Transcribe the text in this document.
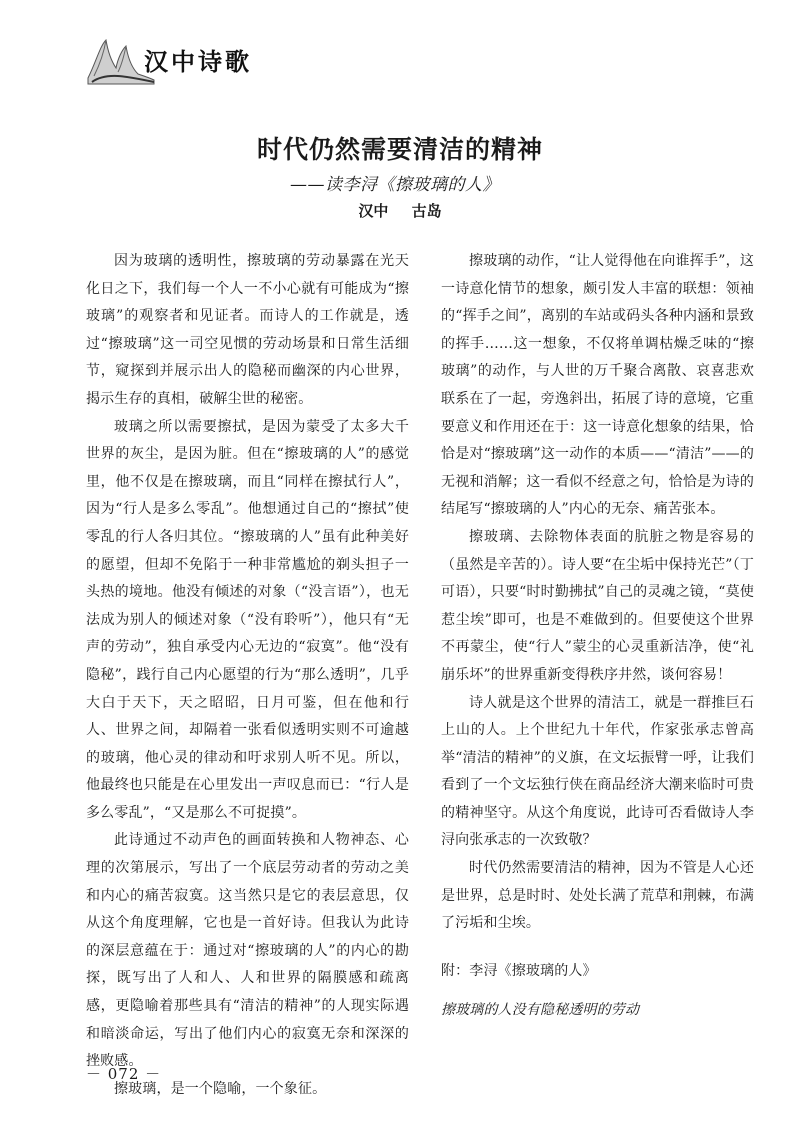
汉中诗歌
时代仍然需要清洁的精神
——读李浔《擦玻璃的人》
汉中 古岛

因为玻璃的透明性，擦玻璃的劳动暴露在光天化日之下，我们每一个人一不小心就有可能成为“擦玻璃”的观察者和见证者。而诗人的工作就是，透过“擦玻璃”这一司空见惯的劳动场景和日常生活细节，窥探到并展示出人的隐秘而幽深的内心世界，揭示生存的真相，破解尘世的秘密。

玻璃之所以需要擦拭，是因为蒙受了太多大千世界的灰尘，是因为脏。但在“擦玻璃的人”的感觉里，他不仅是在擦玻璃，而且“同样在擦拭行人”，因为“行人是多么零乱”。他想通过自己的“擦拭”使零乱的行人各归其位。“擦玻璃的人”虽有此种美好的愿望，但却不免陷于一种非常尴尬的剃头担子一头热的境地。他没有倾述的对象（“没言语”），也无法成为别人的倾述对象（“没有聆听”），他只有“无声的劳动”，独自承受内心无边的“寂寞”。他“没有隐秘”，践行自己内心愿望的行为“那么透明”，几乎大白于天下，天之昭昭，日月可鉴，但在他和行人、世界之间，却隔着一张看似透明实则不可逾越的玻璃，他心灵的律动和吁求别人听不见。所以，他最终也只能是在心里发出一声叹息而已：“行人是多么零乱”，“又是那么不可捉摸”。

此诗通过不动声色的画面转换和人物神态、心理的次第展示，写出了一个底层劳动者的劳动之美和内心的痛苦寂寞。这当然只是它的表层意思，仅从这个角度理解，它也是一首好诗。但我认为此诗的深层意蕴在于：通过对“擦玻璃的人”的内心的勘探，既写出了人和人、人和世界的隔膜感和疏离感，更隐喻着那些具有“清洁的精神”的人现实际遇和暗淡命运，写出了他们内心的寂寞无奈和深深的挫败感。

擦玻璃，是一个隐喻，一个象征。

擦玻璃的动作，“让人觉得他在向谁挥手”，这一诗意化情节的想象，颇引发人丰富的联想：领袖的“挥手之间”，离别的车站或码头各种内涵和景致的挥手……这一想象，不仅将单调枯燥乏味的“擦玻璃”的动作，与人世的万千聚合离散、哀喜悲欢联系在了一起，旁逸斜出，拓展了诗的意境，它重要意义和作用还在于：这一诗意化想象的结果，恰恰是对“擦玻璃”这一动作的本质——“清洁”——的无视和消解；这一看似不经意之句，恰恰是为诗的结尾写“擦玻璃的人”内心的无奈、痛苦张本。

擦玻璃、去除物体表面的肮脏之物是容易的（虽然是辛苦的）。诗人要“在尘垢中保持光芒”（丁可语），只要“时时勤拂拭”自己的灵魂之镜，“莫使惹尘埃”即可，也是不难做到的。但要使这个世界不再蒙尘，使“行人”蒙尘的心灵重新洁净，使“礼崩乐坏”的世界重新变得秩序井然，谈何容易！

诗人就是这个世界的清洁工，就是一群推巨石上山的人。上个世纪九十年代，作家张承志曾高举“清洁的精神”的义旗，在文坛振臂一呼，让我们看到了一个文坛独行侠在商品经济大潮来临时可贵的精神坚守。从这个角度说，此诗可否看做诗人李浔向张承志的一次致敬？

时代仍然需要清洁的精神，因为不管是人心还是世界，总是时时、处处长满了荒草和荆棘，布满了污垢和尘埃。

附：李浔《擦玻璃的人》

擦玻璃的人没有隐秘透明的劳动

－ 072 －
